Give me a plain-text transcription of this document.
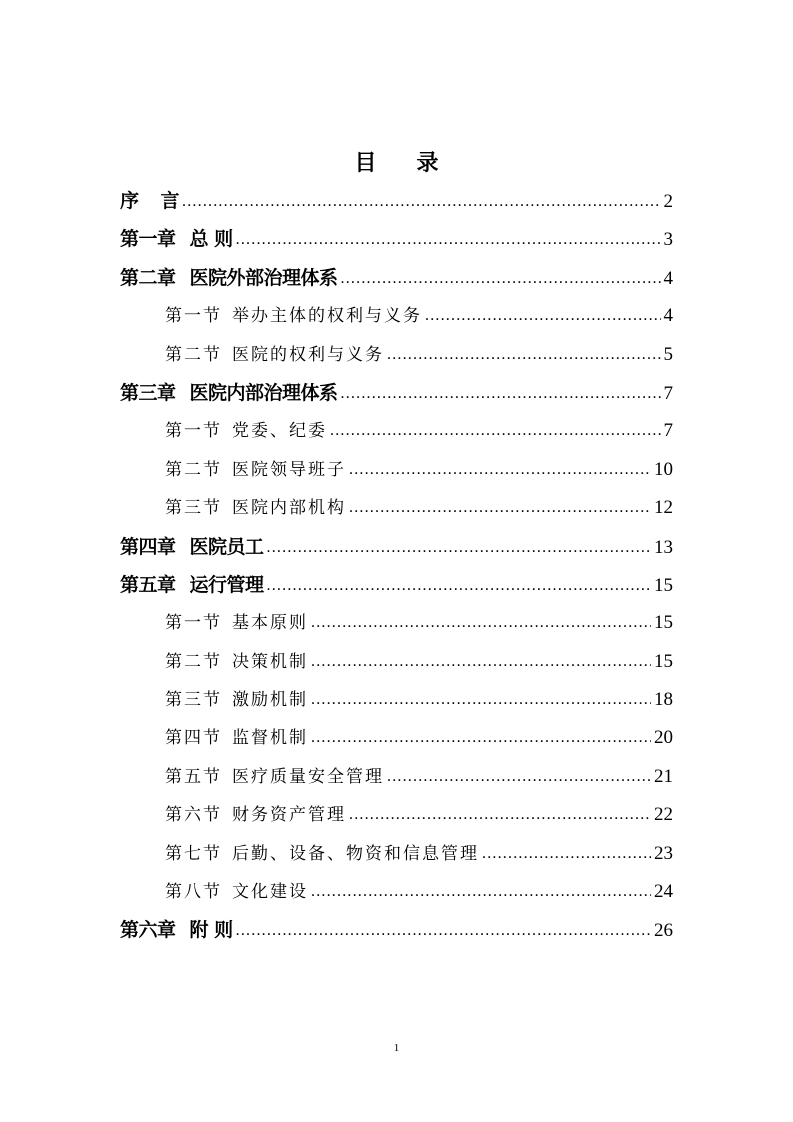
目 录
序 言 .....	2
第一章 总 则 .....	3
第二章 医院外部治理体系 .....	4
第一节 举办主体的权利与义务 .....	4
第二节 医院的权利与义务 .....	5
第三章 医院内部治理体系 .....	7
第一节 党委、纪委 .....	7
第二节 医院领导班子 .....	10
第三节 医院内部机构 .....	12
第四章 医院员工 .....	13
第五章 运行管理 .....	15
第一节 基本原则 .....	15
第二节 决策机制 .....	15
第三节 激励机制 .....	18
第四节 监督机制 .....	20
第五节 医疗质量安全管理 .....	21
第六节 财务资产管理 .....	22
第七节 后勤、设备、物资和信息管理 .....	23
第八节 文化建设 .....	24
第六章 附 则 .....	26

1
